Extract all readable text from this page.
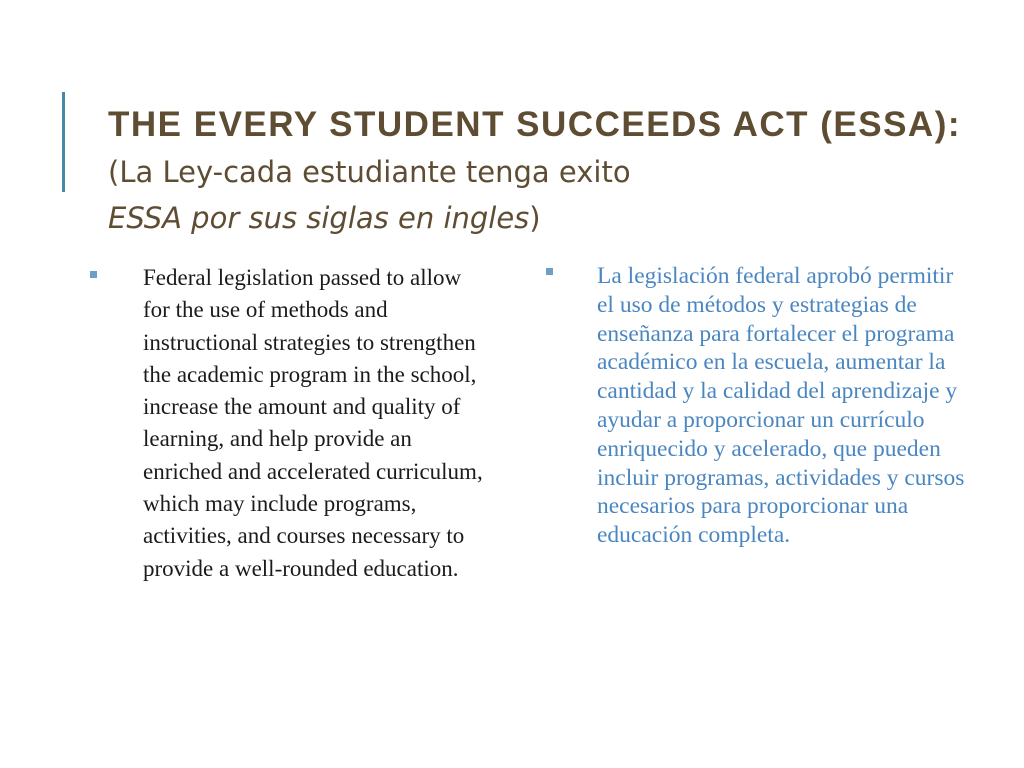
THE EVERY STUDENT SUCCEEDS ACT (ESSA):
(La Ley-cada estudiante tenga exito
ESSA por sus siglas en ingles)
Federal legislation passed to allow for the use of methods and instructional strategies to strengthen the academic program in the school, increase the amount and quality of learning, and help provide an enriched and accelerated curriculum, which may include programs, activities, and courses necessary to provide a well-rounded education.
La legislación federal aprobó permitir el uso de métodos y estrategias de enseñanza para fortalecer el programa académico en la escuela, aumentar la cantidad y la calidad del aprendizaje y ayudar a proporcionar un currículo enriquecido y acelerado, que pueden incluir programas, actividades y cursos necesarios para proporcionar una educación completa.
